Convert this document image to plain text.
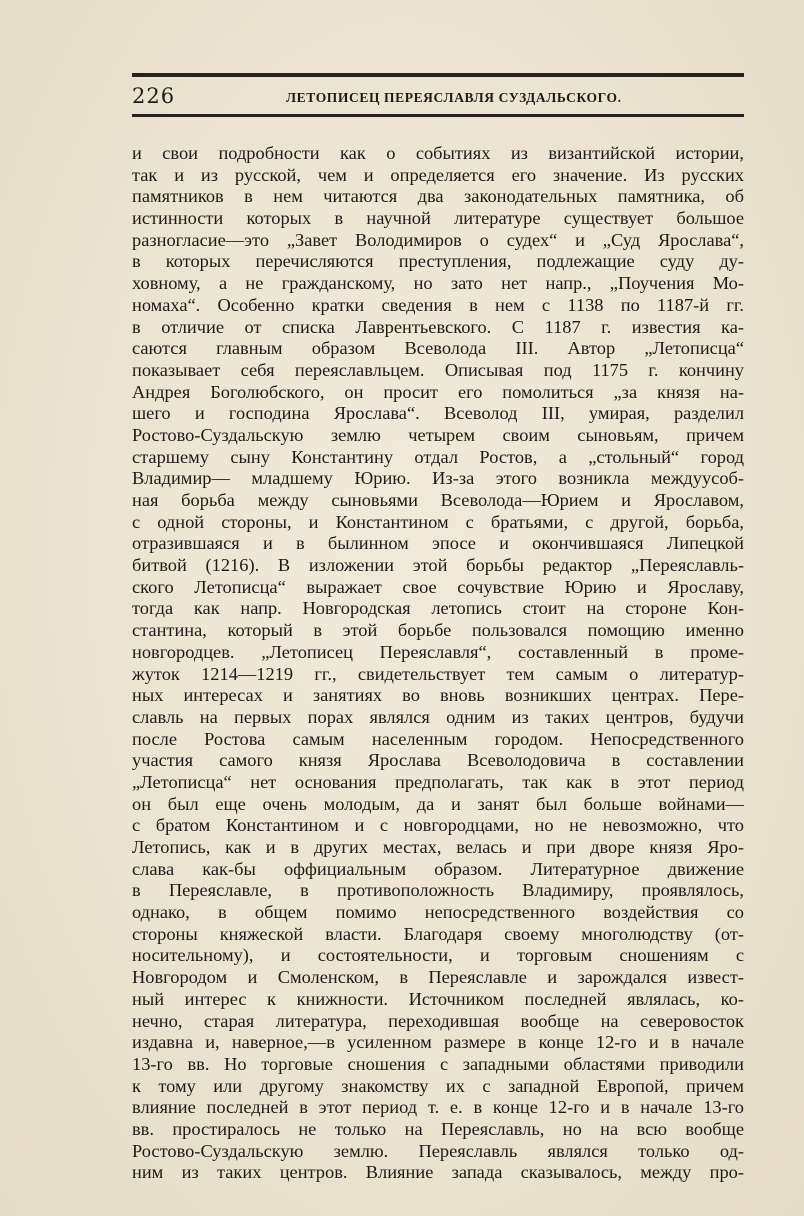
226	ЛЕТОПИСЕЦ ПЕРЕЯСЛАВЛЯ СУЗДАЛЬСКОГО.
и свои подробности как о событиях из византийской истории,
так и из русской, чем и определяется его значение. Из русских
памятников в нем читаются два законодательных памятника, об
истинности которых в научной литературе существует большое
разногласие—это „Завет Володимиров о судех“ и „Суд Ярослава“,
в которых перечисляются преступления, подлежащие суду ду-
ховному, а не гражданскому, но зато нет напр., „Поучения Мо-
номаха“. Особенно кратки сведения в нем с 1138 по 1187-й гг.
в отличие от списка Лаврентьевского. С 1187 г. известия ка-
саются главным образом Всеволода III. Автор „Летописца“
показывает себя переяславльцем. Описывая под 1175 г. кончину
Андрея Боголюбского, он просит его помолиться „за князя на-
шего и господина Ярослава“. Всеволод III, умирая, разделил
Ростово-Суздальскую землю четырем своим сыновьям, причем
старшему сыну Константину отдал Ростов, а „стольный“ город
Владимир— младшему Юрию. Из-за этого возникла междуусоб-
ная борьба между сыновьями Всеволода—Юрием и Ярославом,
с одной стороны, и Константином с братьями, с другой, борьба,
отразившаяся и в былинном эпосе и окончившаяся Липецкой
битвой (1216). В изложении этой борьбы редактор „Переяславль-
ского Летописца“ выражает свое сочувствие Юрию и Ярославу,
тогда как напр. Новгородская летопись стоит на стороне Кон-
стантина, который в этой борьбе пользовался помощию именно
новгородцев. „Летописец Переяславля“, составленный в проме-
жуток 1214—1219 гг., свидетельствует тем самым о литератур-
ных интересах и занятиях во вновь возникших центрах. Пере-
славль на первых порах являлся одним из таких центров, будучи
после Ростова самым населенным городом. Непосредственного
участия самого князя Ярослава Всеволодовича в составлении
„Летописца“ нет основания предполагать, так как в этот период
он был еще очень молодым, да и занят был больше войнами—
с братом Константином и с новгородцами, но не невозможно, что
Летопись, как и в других местах, велась и при дворе князя Яро-
слава как-бы оффициальным образом. Литературное движение
в Переяславле, в противоположность Владимиру, проявлялось,
однако, в общем помимо непосредственного воздействия со
стороны княжеской власти. Благодаря своему многолюдству (от-
носительному), и состоятельности, и торговым сношениям с
Новгородом и Смоленском, в Переяславле и зарождался извест-
ный интерес к книжности. Источником последней являлась, ко-
нечно, старая литература, переходившая вообще на северовосток
издавна и, наверное,—в усиленном размере в конце 12-го и в начале
13-го вв. Но торговые сношения с западными областями приводили
к тому или другому знакомству их с западной Европой, причем
влияние последней в этот период т. е. в конце 12-го и в начале 13-го
вв. простиралось не только на Переяславль, но на всю вообще
Ростово-Суздальскую землю. Переяславль являлся только од-
ним из таких центров. Влияние запада сказывалось, между про-
